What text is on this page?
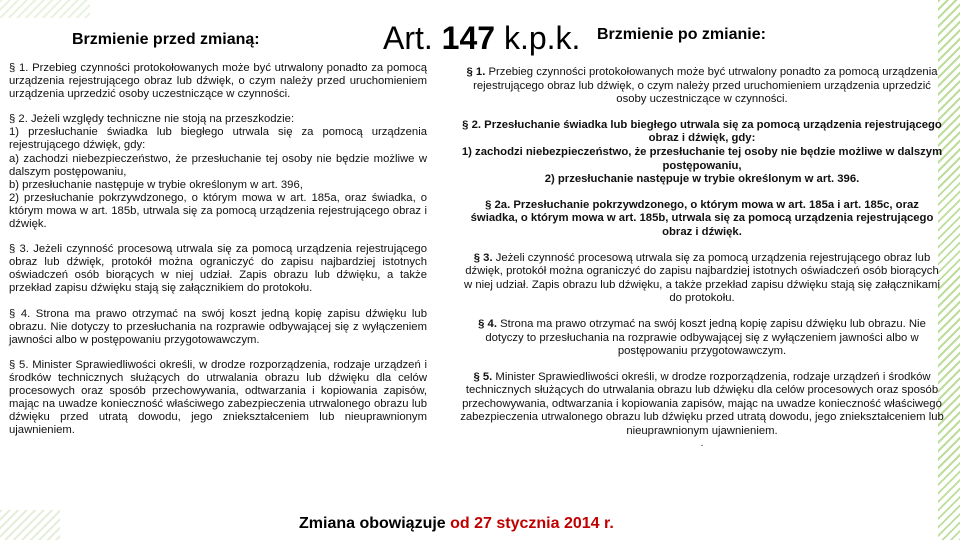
Brzmienie przed zmianą:	Art. 147 k.p.k. Brzmienie po zmianie:

§ 1. Przebieg czynności protokołowanych może być utrwalony ponadto za pomocą urządzenia rejestrującego obraz lub dźwięk, o czym należy przed uruchomieniem urządzenia uprzedzić osoby uczestniczące w czynności.

§ 2. Jeżeli względy techniczne nie stoją na przeszkodzie:

1) przesłuchanie świadka lub biegłego utrwala się za pomocą urządzenia rejestrującego dźwięk, gdy:

a) zachodzi niebezpieczeństwo, że przesłuchanie tej osoby nie będzie możliwe w dalszym postępowaniu,

b) przesłuchanie następuje w trybie określonym w art. 396,

2) przesłuchanie pokrzywdzonego, o którym mowa w art. 185a, oraz świadka, o którym mowa w art. 185b, utrwala się za pomocą urządzenia rejestrującego obraz i dźwięk.

§ 3. Jeżeli czynność procesową utrwala się za pomocą urządzenia rejestrującego obraz lub dźwięk, protokół można ograniczyć do zapisu najbardziej istotnych oświadczeń osób biorących w niej udział. Zapis obrazu lub dźwięku, a także przekład zapisu dźwięku stają się załącznikiem do protokołu.

§ 4. Strona ma prawo otrzymać na swój koszt jedną kopię zapisu dźwięku lub obrazu. Nie dotyczy to przesłuchania na rozprawie odbywającej się z wyłączeniem jawności albo w postępowaniu przygotowawczym.

§ 5. Minister Sprawiedliwości określi, w drodze rozporządzenia, rodzaje urządzeń i środków technicznych służących do utrwalania obrazu lub dźwięku dla celów procesowych oraz sposób przechowywania, odtwarzania i kopiowania zapisów, mając na uwadze konieczność właściwego zabezpieczenia utrwalonego obrazu lub dźwięku przed utratą dowodu, jego zniekształceniem lub nieuprawnionym ujawnieniem.

§ 1. Przebieg czynności protokołowanych może być utrwalony ponadto za pomocą urządzenia rejestrującego obraz lub dźwięk, o czym należy przed uruchomieniem urządzenia uprzedzić osoby uczestniczące w czynności.

§ 2. Przesłuchanie świadka lub biegłego utrwala się za pomocą urządzenia rejestrującego obraz i dźwięk, gdy:

1) zachodzi niebezpieczeństwo, że przesłuchanie tej osoby nie będzie możliwe w dalszym postępowaniu,

2) przesłuchanie następuje w trybie określonym w art. 396.

§ 2a. Przesłuchanie pokrzywdzonego, o którym mowa w art. 185a i art. 185c, oraz świadka, o którym mowa w art. 185b, utrwala się za pomocą urządzenia rejestrującego obraz i dźwięk.

§ 3. Jeżeli czynność procesową utrwala się za pomocą urządzenia rejestrującego obraz lub dźwięk, protokół można ograniczyć do zapisu najbardziej istotnych oświadczeń osób biorących w niej udział. Zapis obrazu lub dźwięku, a także przekład zapisu dźwięku stają się załącznikami do protokołu.

§ 4. Strona ma prawo otrzymać na swój koszt jedną kopię zapisu dźwięku lub obrazu. Nie dotyczy to przesłuchania na rozprawie odbywającej się z wyłączeniem jawności albo w postępowaniu przygotowawczym.

§ 5. Minister Sprawiedliwości określi, w drodze rozporządzenia, rodzaje urządzeń i środków technicznych służących do utrwalania obrazu lub dźwięku dla celów procesowych oraz sposób przechowywania, odtwarzania i kopiowania zapisów, mając na uwadze konieczność właściwego zabezpieczenia utrwalonego obrazu lub dźwięku przed utratą dowodu, jego zniekształceniem lub nieuprawnionym ujawnieniem.

.

Zmiana obowiązuje od 27 stycznia 2014 r.
